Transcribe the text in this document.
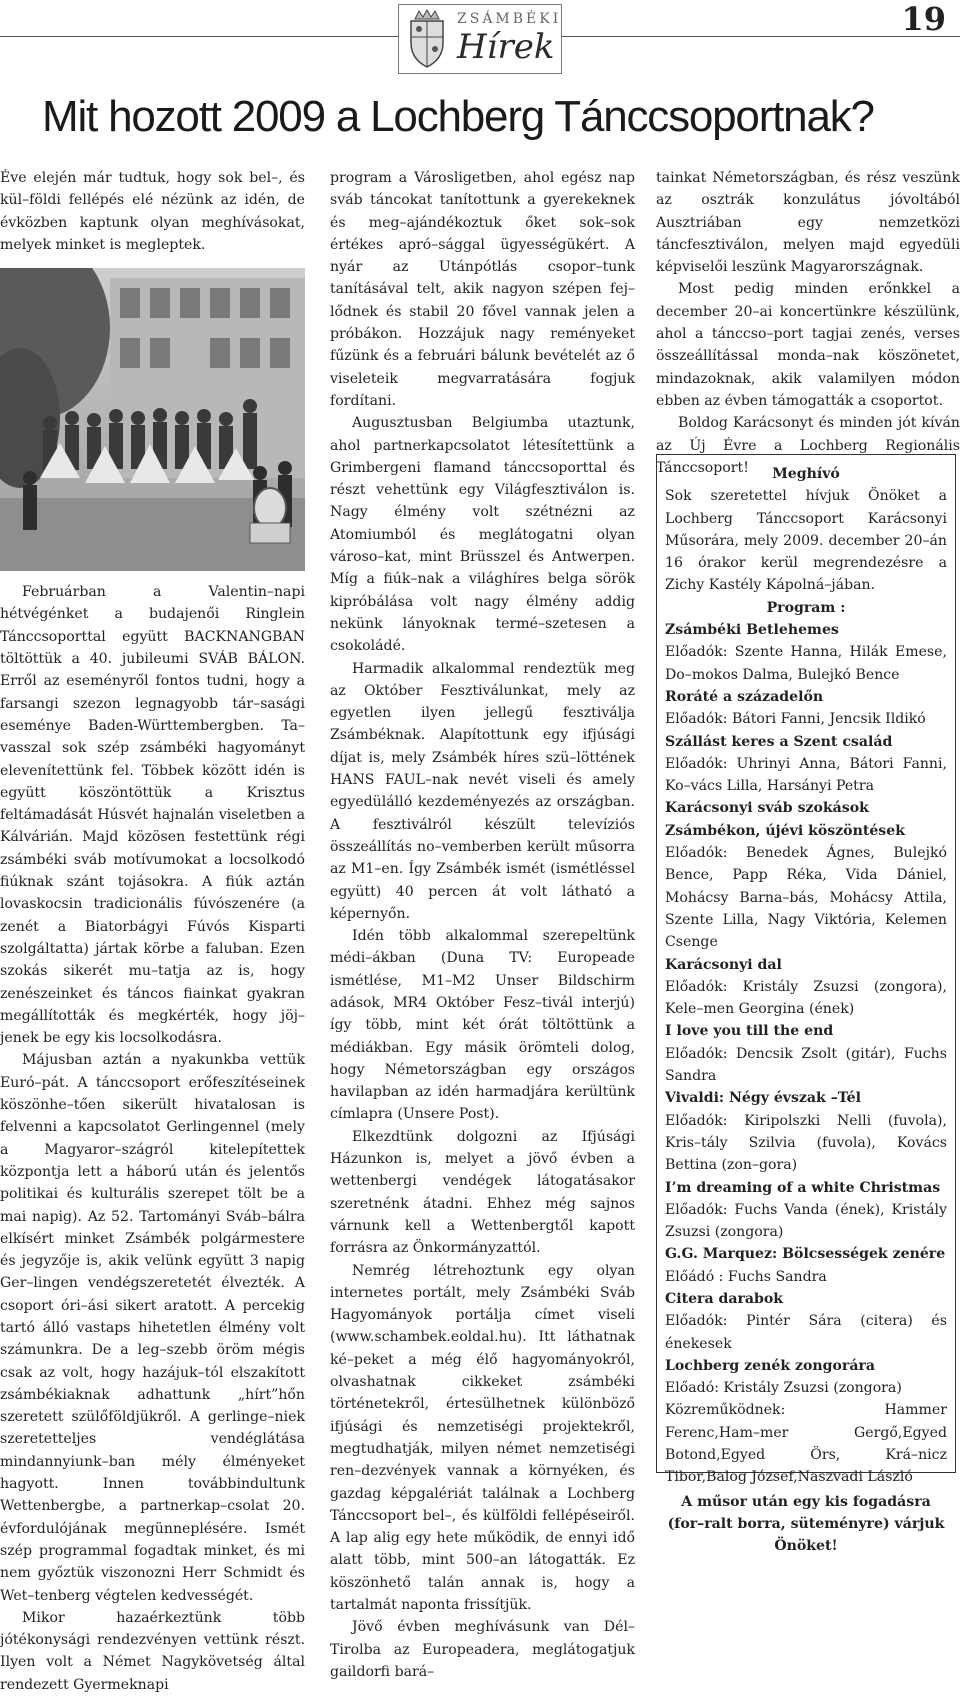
ZSÁMBÉKI
Hírek
19
Mit hozott 2009 a Lochberg Tánccsoportnak?

Éve elején már tudtuk, hogy sok bel–, és kül–földi fellépés elé nézünk az idén, de évközben kaptunk olyan meghívásokat, melyek minket is megleptek.

Februárban a Valentin–napi hétvégénket a budajenői Ringlein Tánccsoporttal együtt BACKNANGBAN töltöttük a 40. jubileumi SVÁB BÁLON. Erről az eseményről fontos tudni, hogy a farsangi szezon legnagyobb tár–sasági eseménye Baden-Württembergben. Ta–vasszal sok szép zsámbéki hagyományt elevenítettünk fel. Többek között idén is együtt köszöntöttük a Krisztus feltámadását Húsvét hajnalán viseletben a Kálvárián. Majd közösen festettünk régi zsámbéki sváb motívumokat a locsolkodó fiúknak szánt tojásokra. A fiúk aztán lovaskocsin tradicionális fúvószenére (a zenét a Biatorbágyi Fúvós Kisparti szolgáltatta) jártak körbe a faluban. Ezen szokás sikerét mu–tatja az is, hogy zenészeinket és táncos fiainkat gyakran megállították és megkérték, hogy jöj–jenek be egy kis locsolkodásra.

Májusban aztán a nyakunkba vettük Euró–pát. A tánccsoport erőfeszítéseinek köszönhe–tően sikerült hivatalosan is felvenni a kapcsolatot Gerlingennel (mely a Magyaror–szágról kitelepítettek központja lett a háború után és jelentős politikai és kulturális szerepet tölt be a mai napig). Az 52. Tartományi Sváb–bálra elkísért minket Zsámbék polgármestere és jegyzője is, akik velünk együtt 3 napig Ger–lingen vendégszeretetét élvezték. A csoport óri–ási sikert aratott. A percekig tartó álló vastaps hihetetlen élmény volt számunkra. De a leg–szebb öröm mégis csak az volt, hogy hazájuk–tól elszakított zsámbékiaknak adhattunk „hírt”hőn szeretett szülőföldjükről. A gerlinge–niek szeretetteljes vendéglátása mindannyiunk–ban mély élményeket hagyott. Innen továbbindultunk Wettenbergbe, a partnerkap–csolat 20. évfordulójának megünneplésére. Ismét szép programmal fogadtak minket, és mi nem győztük viszonozni Herr Schmidt és Wet–tenberg végtelen kedvességét.

Mikor hazaérkeztünk több jótékonysági rendezvényen vettünk részt. Ilyen volt a Német Nagykövetség által rendezett Gyermeknapi

program a Városligetben, ahol egész nap sváb táncokat tanítottunk a gyerekeknek és meg–ajándékoztuk őket sok–sok értékes apró–sággal ügyességükért. A nyár az Utánpótlás csopor–tunk tanításával telt, akik nagyon szépen fej–lődnek és stabil 20 fővel vannak jelen a próbákon. Hozzájuk nagy reményeket fűzünk és a februári bálunk bevételét az ő viseleteik megvarratására fogjuk fordítani.

Augusztusban Belgiumba utaztunk, ahol partnerkapcsolatot létesítettünk a Grimbergeni flamand tánccsoporttal és részt vehettünk egy Világfesztiválon is. Nagy élmény volt szétnézni az Atomiumból és meglátogatni olyan városo–kat, mint Brüsszel és Antwerpen. Míg a fiúk–nak a világhíres belga sörök kipróbálása volt nagy élmény addig nekünk lányoknak termé–szetesen a csokoládé.

Harmadik alkalommal rendeztük meg az Október Fesztiválunkat, mely az egyetlen ilyen jellegű fesztiválja Zsámbéknak. Alapítottunk egy ifjúsági díjat is, mely Zsámbék híres szü–löttének HANS FAUL–nak nevét viseli és amely egyedülálló kezdeményezés az országban. A fesztiválról készült televíziós összeállítás no–vemberben került műsorra az M1–en. Így Zsámbék ismét (ismétléssel együtt) 40 percen át volt látható a képernyőn.

Idén több alkalommal szerepeltünk médi–ákban (Duna TV: Europeade ismétlése, M1–M2 Unser Bildschirm adások, MR4 Október Fesz–tivál interjú) így több, mint két órát töltöttünk a médiákban. Egy másik örömteli dolog, hogy Németországban egy országos havilapban az idén harmadjára kerültünk címlapra (Unsere Post).

Elkezdtünk dolgozni az Ifjúsági Házunkon is, melyet a jövő évben a wettenbergi vendégek látogatásakor szeretnénk átadni. Ehhez még sajnos várnunk kell a Wettenbergtől kapott forrásra az Önkormányzattól.

Nemrég létrehoztunk egy olyan internetes portált, mely Zsámbéki Sváb Hagyományok portálja címet viseli (www.schambek.eoldal.hu). Itt láthatnak ké–peket a még élő hagyományokról, olvashatnak cikkeket zsámbéki történetekről, értesülhetnek különböző ifjúsági és nemzetiségi projektekről, megtudhatják, milyen német nemzetiségi ren–dezvények vannak a környéken, és gazdag képgalériát találnak a Lochberg Tánccsoport bel–, és külföldi fellépéseiről. A lap alig egy hete működik, de ennyi idő alatt több, mint 500–an látogatták. Ez köszönhető talán annak is, hogy a tartalmát naponta frissítjük.

Jövő évben meghívásunk van Dél–Tirolba az Europeadera, meglátogatjuk gaildorfi bará–

tainkat Németországban, és rész veszünk az osztrák konzulátus jóvoltából Ausztriában egy nemzetközi táncfesztiválon, melyen majd egyedüli képviselői leszünk Magyarországnak.

Most pedig minden erőnkkel a december 20–ai koncertünkre készülünk, ahol a tánccso–port tagjai zenés, verses összeállítással monda–nak köszönetet, mindazoknak, akik valamilyen módon ebben az évben támogatták a csoportot.

Boldog Karácsonyt és minden jót kíván az Új Évre a Lochberg Regionális Tánccsoport!	Meghívó

Sok szeretettel hívjuk Önöket a Lochberg Tánccsoport Karácsonyi Műsorára, mely 2009. december 20–án 16 órakor kerül megrendezésre a Zichy Kastély Kápolná–jában.

Program :

Zsámbéki Betlehemes

Előadók: Szente Hanna, Hilák Emese, Do–mokos Dalma, Bulejkó Bence

Roráté a századelőn

Előadók: Bátori Fanni, Jencsik Ildikó

Szállást keres a Szent család

Előadók: Uhrinyi Anna, Bátori Fanni, Ko–vács Lilla, Harsányi Petra

Karácsonyi sváb szokások

Zsámbékon, újévi köszöntések

Előadók: Benedek Ágnes, Bulejkó Bence, Papp Réka, Vida Dániel, Mohácsy Barna–bás, Mohácsy Attila, Szente Lilla, Nagy Viktória, Kelemen Csenge

Karácsonyi dal

Előadók: Kristály Zsuzsi (zongora), Kele–men Georgina (ének)

I love you till the end

Előadók: Dencsik Zsolt (gitár), Fuchs Sandra

Vivaldi: Négy évszak –Tél

Előadók: Kiripolszki Nelli (fuvola), Kris–tály Szilvia (fuvola), Kovács Bettina (zon–gora)

I’m dreaming of a white Christmas

Előadók: Fuchs Vanda (ének), Kristály Zsuzsi (zongora)

G.G. Marquez: Bölcsességek zenére

Előádó : Fuchs Sandra

Citera darabok

Előadók: Pintér Sára (citera) és énekesek

Lochberg zenék zongorára

Előadó: Kristály Zsuzsi (zongora)

Közreműködnek: Hammer Ferenc,Ham–mer Gergő,Egyed Botond,Egyed Örs, Krá–nicz Tibor,Balog József,Naszvadi László

A műsor után egy kis fogadásra (for–ralt borra, süteményre) várjuk Önöket!
